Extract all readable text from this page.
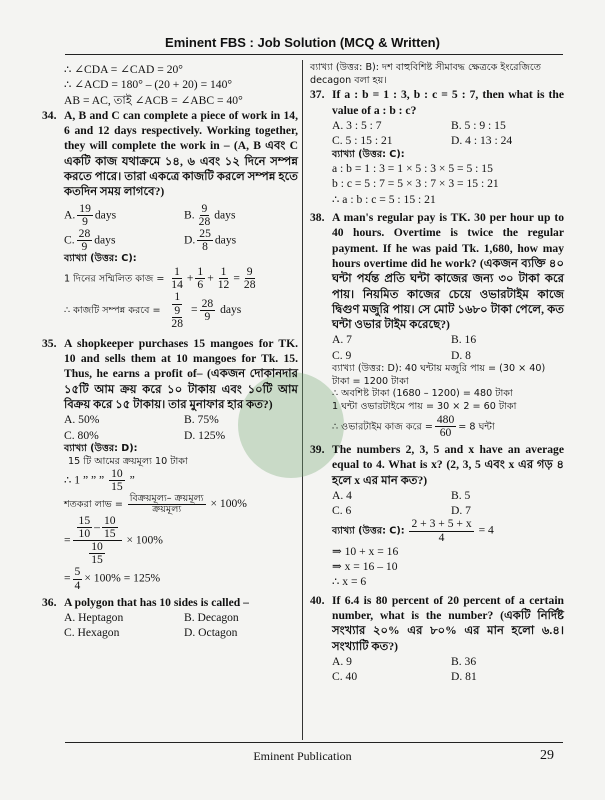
Eminent FBS : Job Solution (MCQ & Written)
∴ ∠CDA = ∠CAD = 20°
∴ ∠ACD = 180° – (20 + 20) = 140°
AB = AC, তাই ∠ACB = ∠ABC = 40°
34. A, B and C can complete a piece of work in 14, 6 and 12 days respectively. Working together, they will complete the work in – (A, B এবং C একটি কাজ যথাক্রমে ১৪, ৬ এবং ১২ দিনে সম্পন্ন করতে পারে। তারা একত্রে কাজটি করলে সম্পন্ন হতে কতদিন সময় লাগবে?)
A. $\frac{19}{9}$ days	B. $\frac{9}{28}$ days
C. $\frac{28}{9}$ days	D. $\frac{25}{8}$ days
ব্যাখ্যা (উত্তর: C):
1 দিনের সম্মিলিত কাজ = $\frac{1}{14} + \frac{1}{6} + \frac{1}{12} = \frac{9}{28}$
∴ কাজটি সম্পন্ন করবে = $\frac{1}{\frac{9}{28}} = \frac{28}{9}$ days
35. A shopkeeper purchases 15 mangoes for TK. 10 and sells them at 10 mangoes for Tk. 15. Thus, he earns a profit of– (একজন দোকানদার ১৫টি আম ক্রয় করে ১০ টাকায় এবং ১০টি আম বিক্রয় করে ১৫ টাকায়। তার মুনাফার হার কত?)
A. 50%	B. 75%
C. 80%	D. 125%
ব্যাখ্যা (উত্তর: D):
15 টি আমের ক্রয়মূল্য 10 টাকা
∴ 1 ” ” ” $\frac{10}{15}$ ”
শতকরা লাভ = $\frac{\text{বিক্রয়মূল্য– ক্রয়মূল্য}}{\text{ক্রয়মূল্য}} \times 100\%$
= $\frac{\frac{15}{10} - \frac{10}{15}}{\frac{10}{15}} \times 100\%$
= $\frac{5}{4} \times 100\% = 125\%$
36. A polygon that has 10 sides is called –
A. Heptagon	B. Decagon
C. Hexagon	D. Octagon
ব্যাখ্যা (উত্তর: B): দশ বাহুবিশিষ্ট সীমাবদ্ধ ক্ষেত্রকে ইংরেজিতে decagon বলা হয়।
37. If a : b = 1 : 3, b : c = 5 : 7, then what is the value of a : b : c?
A. 3 : 5 : 7	B. 5 : 9 : 15
C. 5 : 15 : 21	D. 4 : 13 : 24
ব্যাখ্যা (উত্তর: C):
a : b = 1 : 3 = 1 × 5 : 3 × 5 = 5 : 15
b : c = 5 : 7 = 5 × 3 : 7 × 3 = 15 : 21
∴ a : b : c = 5 : 15 : 21
38. A man's regular pay is TK. 30 per hour up to 40 hours. Overtime is twice the regular payment. If he was paid Tk. 1,680, how may hours overtime did he work? (একজন ব্যক্তি ৪০ ঘন্টা পর্যন্ত প্রতি ঘন্টা কাজের জন্য ৩০ টাকা করে পায়। নিয়মিত কাজের চেয়ে ওভারটাইম কাজে দ্বিগুণ মজুরি পায়। সে মোট ১৬৮০ টাকা পেলে, কত ঘন্টা ওভার টাইম করেছে?)
A. 7	B. 16
C. 9	D. 8
ব্যাখ্যা (উত্তর: D): 40 ঘন্টায় মজুরি পায় = (30 × 40) টাকা = 1200 টাকা
∴ অবশিষ্ট টাকা (1680 – 1200) = 480 টাকা
1 ঘন্টা ওভারটাইমে পায় = 30 × 2 = 60 টাকা
∴ ওভারটাইম কাজ করে = $\frac{480}{60} = 8$ ঘন্টা
39. The numbers 2, 3, 5 and x have an average equal to 4. What is x? (2, 3, 5 এবং x এর গড় ৪ হলে x এর মান কত?)
A. 4	B. 5
C. 6	D. 7
ব্যাখ্যা (উত্তর: C): $\frac{2 + 3 + 5 + x}{4} = 4$
⇒ 10 + x = 16
⇒ x = 16 – 10
∴ x = 6
40. If 6.4 is 80 percent of 20 percent of a certain number, what is the number? (একটি নির্দিষ্ট সংখ্যার ২০% এর ৮০% এর মান হলো ৬.৪। সংখ্যাটি কত?)
A. 9	B. 36
C. 40	D. 81
Eminent Publication	29
